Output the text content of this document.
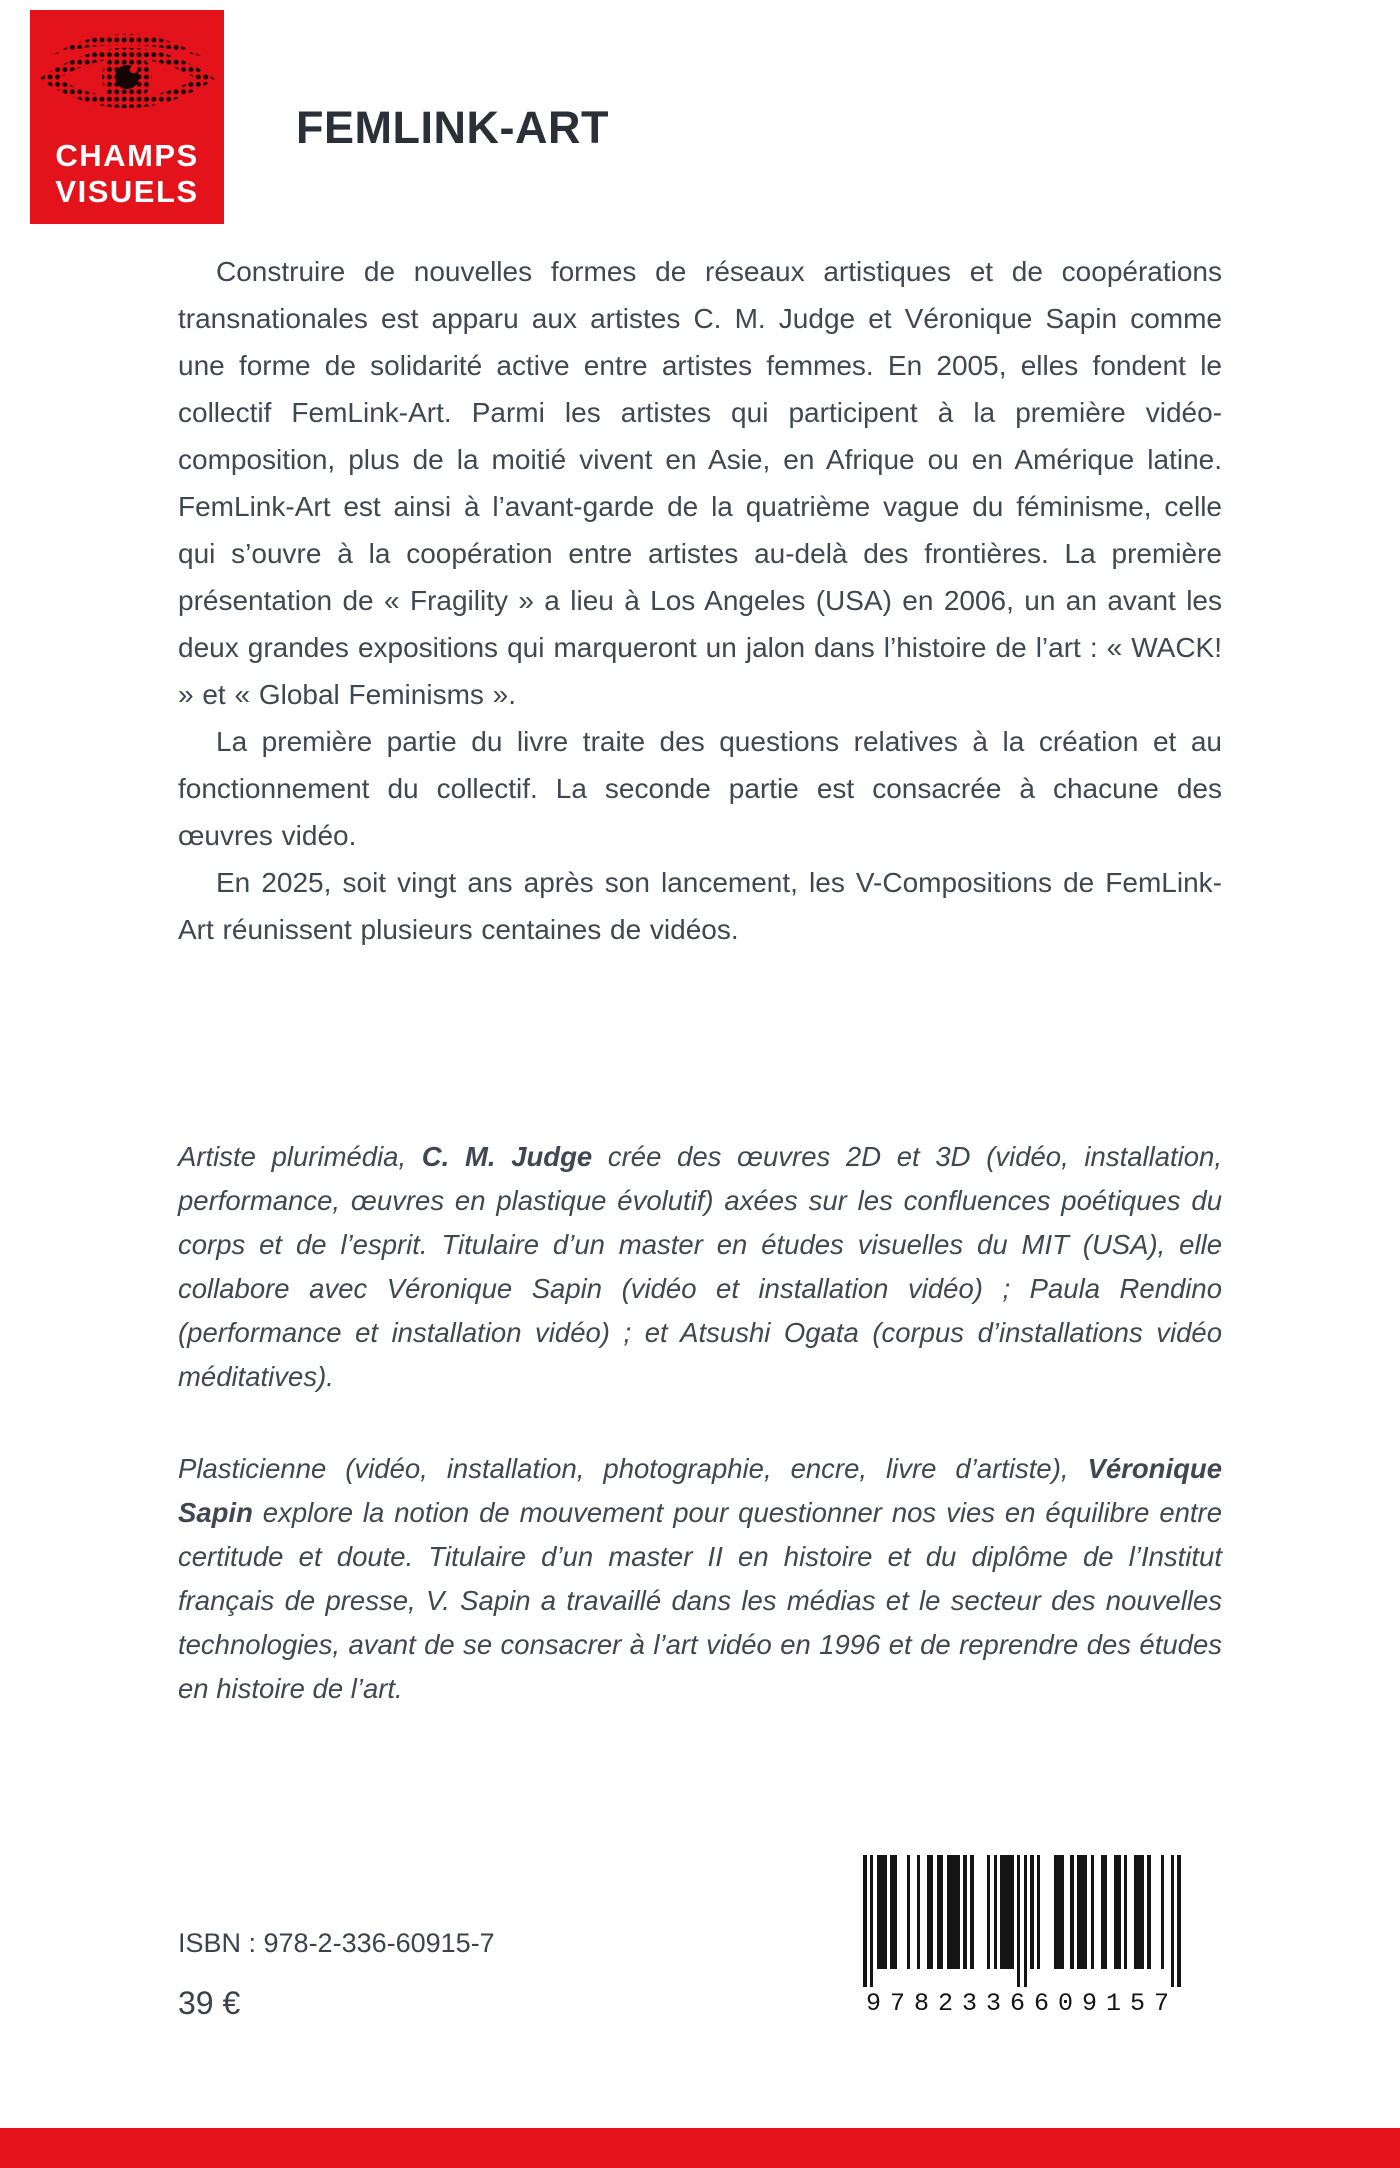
CHAMPS
VISUELS
FEMLINK-ART

Construire de nouvelles formes de réseaux artistiques et de coopérations transnationales est apparu aux artistes C. M. Judge et Véronique Sapin comme une forme de solidarité active entre artistes femmes. En 2005, elles fondent le collectif FemLink-Art. Parmi les artistes qui participent à la première vidéo-composition, plus de la moitié vivent en Asie, en Afrique ou en Amérique latine. FemLink-Art est ainsi à l’avant-garde de la quatrième vague du féminisme, celle qui s’ouvre à la coopération entre artistes au-delà des frontières. La première présentation de « Fragility » a lieu à Los Angeles (USA) en 2006, un an avant les deux grandes expositions qui marqueront un jalon dans l’histoire de l’art : « WACK! » et « Global Feminisms ».

La première partie du livre traite des questions relatives à la création et au fonctionnement du collectif. La seconde partie est consacrée à chacune des œuvres vidéo.

En 2025, soit vingt ans après son lancement, les V-Compositions de FemLink-Art réunissent plusieurs centaines de vidéos.

Artiste plurimédia, C. M. Judge crée des œuvres 2D et 3D (vidéo, installation, performance, œuvres en plastique évolutif) axées sur les confluences poétiques du corps et de l’esprit. Titulaire d’un master en études visuelles du MIT (USA), elle collabore avec Véronique Sapin (vidéo et installation vidéo) ; Paula Rendino (performance et installation vidéo) ; et Atsushi Ogata (corpus d’installations vidéo méditatives).

Plasticienne (vidéo, installation, photographie, encre, livre d’artiste), Véronique Sapin explore la notion de mouvement pour questionner nos vies en équilibre entre certitude et doute. Titulaire d’un master II en histoire et du diplôme de l’Institut français de presse, V. Sapin a travaillé dans les médias et le secteur des nouvelles technologies, avant de se consacrer à l’art vidéo en 1996 et de reprendre des études en histoire de l’art.

ISBN : 978-2-336-60915-7
39 €	9782336609157
